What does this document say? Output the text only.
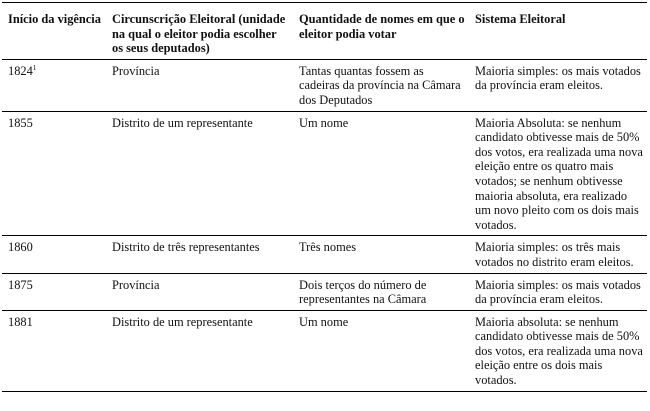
Início da vigência	Circunscrição Eleitoral (unidade na qual o eleitor podia escolher os seus deputados)	Quantidade de nomes em que o eleitor podia votar	Sistema Eleitoral
1824$^1$	Província	Tantas quantas fossem as cadeiras da província na Câmara dos Deputados	Maioria simples: os mais votados da província eram eleitos.
1855	Distrito de um representante	Um nome	Maioria Absoluta: se nenhum candidato obtivesse mais de 50% dos votos, era realizada uma nova eleição entre os quatro mais votados; se nenhum obtivesse maioria absoluta, era realizado um novo pleito com os dois mais votados.
1860	Distrito de três representantes	Três nomes	Maioria simples: os três mais votados no distrito eram eleitos.
1875	Província	Dois terços do número de representantes na Câmara	Maioria simples: os mais votados da província eram eleitos.
1881	Distrito de um representante	Um nome	Maioria absoluta: se nenhum candidato obtivesse mais de 50% dos votos, era realizada uma nova eleição entre os dois mais votados.
